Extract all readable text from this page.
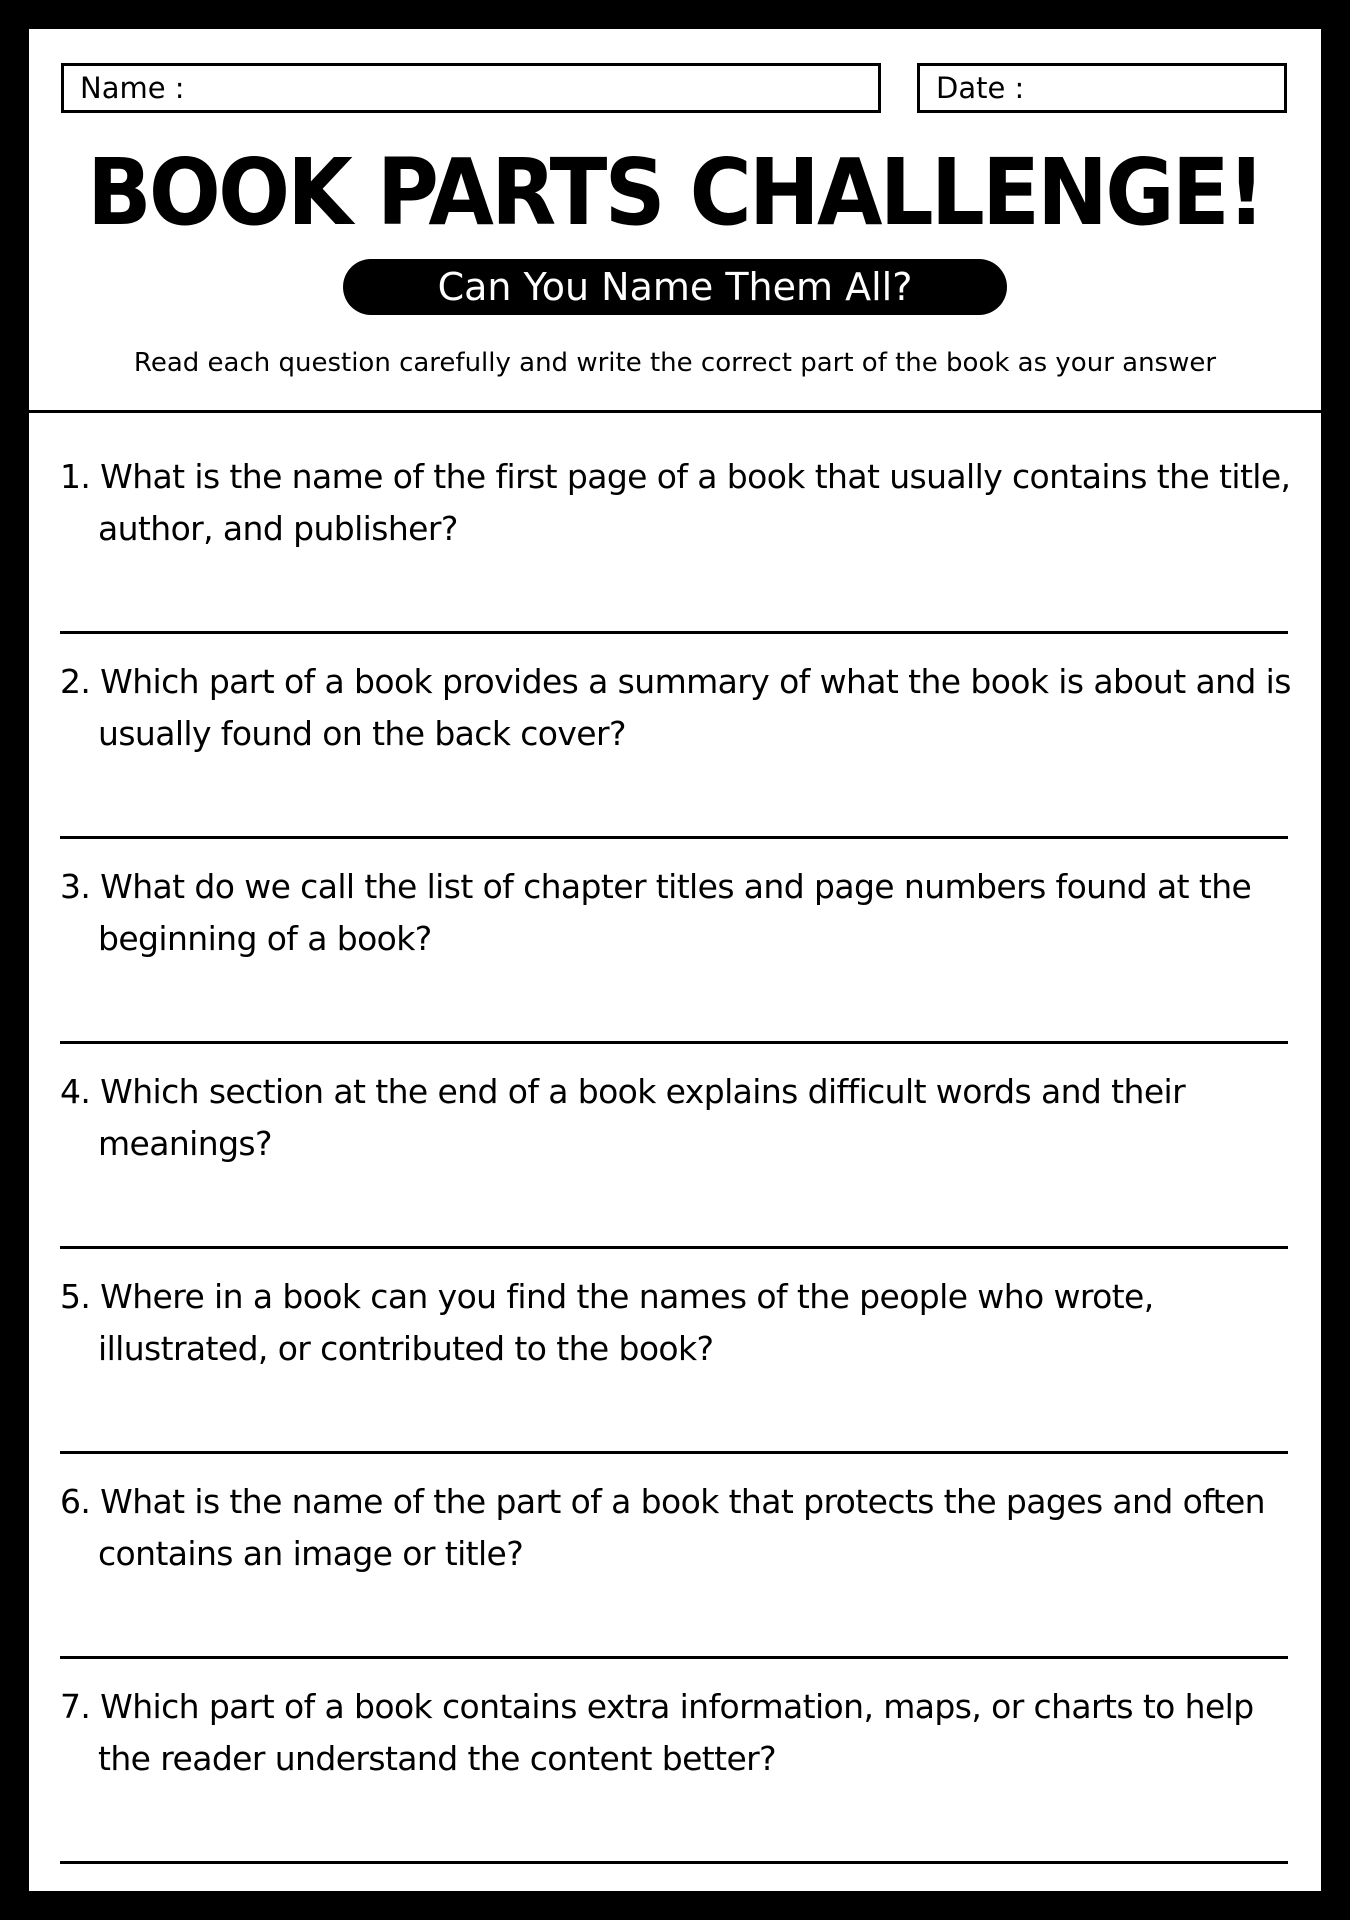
Name :	Date :
BOOK PARTS CHALLENGE!
Can You Name Them All?
Read each question carefully and write the correct part of the book as your answer
1. What is the name of the first page of a book that usually contains the title, author, and publisher?
2. Which part of a book provides a summary of what the book is about and is usually found on the back cover?
3. What do we call the list of chapter titles and page numbers found at the beginning of a book?
4. Which section at the end of a book explains difficult words and their meanings?
5. Where in a book can you find the names of the people who wrote, illustrated, or contributed to the book?
6. What is the name of the part of a book that protects the pages and often contains an image or title?
7. Which part of a book contains extra information, maps, or charts to help the reader understand the content better?
